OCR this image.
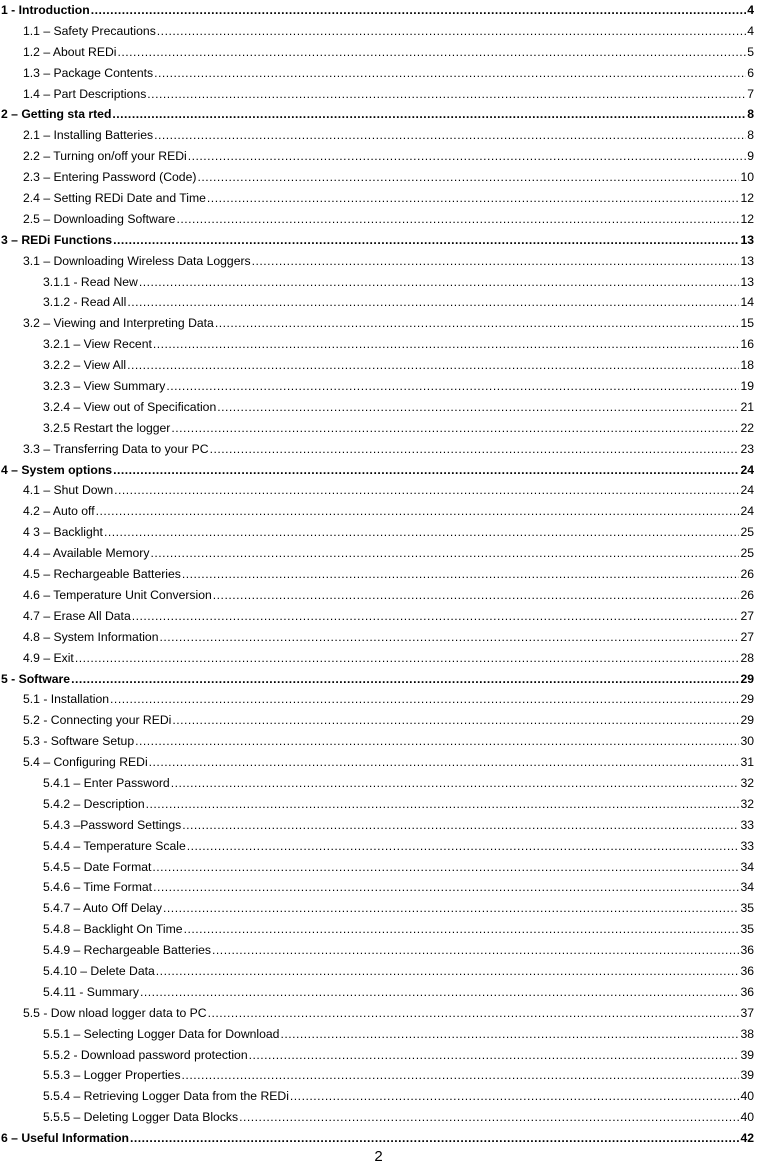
1 - Introduction .....	4
1.1 – Safety Precautions .....	4
1.2 – About REDi .....	5
1.3 – Package Contents .....	6
1.4 – Part Descriptions .....	7
2 – Getting sta rted .....	8
2.1 – Installing Batteries .....	8
2.2 – Turning on/off your REDi .....	9
2.3 – Entering Password (Code) .....	10
2.4 – Setting REDi Date and Time .....	12
2.5 – Downloading Software .....	12
3 – REDi Functions .....	13
3.1 – Downloading Wireless Data Loggers .....	13
3.1.1 - Read New .....	13
3.1.2 - Read All .....	14
3.2 – Viewing and Interpreting Data .....	15
3.2.1 – View Recent .....	16
3.2.2 – View All .....	18
3.2.3 – View Summary .....	19
3.2.4 – View out of Specification .....	21
3.2.5 Restart the logger .....	22
3.3 – Transferring Data to your PC .....	23
4 – System options .....	24
4.1 – Shut Down .....	24
4.2 – Auto off .....	24
4 3 – Backlight .....	25
4.4 – Available Memory .....	25
4.5 – Rechargeable Batteries .....	26
4.6 – Temperature Unit Conversion .....	26
4.7 – Erase All Data .....	27
4.8 – System Information .....	27
4.9 – Exit .....	28
5 - Software .....	29
5.1 - Installation .....	29
5.2 - Connecting your REDi .....	29
5.3 - Software Setup .....	30
5.4 – Configuring REDi .....	31
5.4.1 – Enter Password .....	32
5.4.2 – Description .....	32
5.4.3 –Password Settings .....	33
5.4.4 – Temperature Scale .....	33
5.4.5 – Date Format .....	34
5.4.6 – Time Format .....	34
5.4.7 – Auto Off Delay .....	35
5.4.8 – Backlight On Time .....	35
5.4.9 – Rechargeable Batteries .....	36
5.4.10 – Delete Data .....	36
5.4.11 - Summary .....	36
5.5 - Dow nload logger data to PC .....	37
5.5.1 – Selecting Logger Data for Download .....	38
5.5.2 - Download password protection .....	39
5.5.3 – Logger Properties .....	39
5.5.4 – Retrieving Logger Data from the REDi .....	40
5.5.5 – Deleting Logger Data Blocks .....	40
6 – Useful Information .....	42
2
